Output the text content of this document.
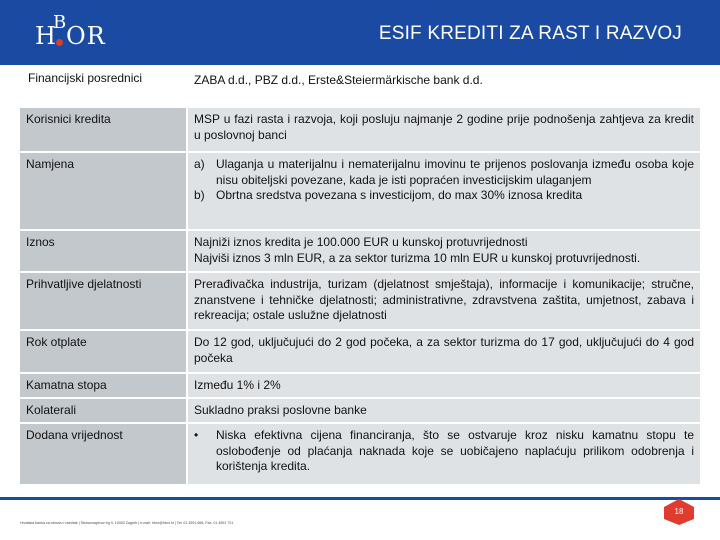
H
B OR	ESIF KREDITI ZA RAST I RAZVOJ
Financijski posrednici	ZABA d.d., PBZ d.d., Erste&Steiermärkische bank d.d.
Korisnici kredita	MSP u fazi rasta i razvoja, koji posluju najmanje 2 godine prije podnošenja zahtjeva za kredit u poslovnoj banci
Namjena	a) Ulaganja u materijalnu i nematerijalnu imovinu te prijenos poslovanja između osoba koje nisu obiteljski povezane, kada je isti popraćen investicijskim ulaganjem
b) Obrtna sredstva povezana s investicijom, do max 30% iznosa kredita
Iznos	Najniži iznos kredita je 100.000 EUR u kunskoj protuvrijednosti
Najviši iznos 3 mln EUR, a za sektor turizma 10 mln EUR u kunskoj protuvrijednosti.
Prihvatljive djelatnosti	Prerađivačka industrija, turizam (djelatnost smještaja), informacije i komunikacije; stručne, znanstvene i tehničke djelatnosti; administrativne, zdravstvena zaštita, umjetnost, zabava i rekreacija; ostale uslužne djelatnosti
Rok otplate	Do 12 god, uključujući do 2 god počeka, a za sektor turizma do 17 god, uključujući do 4 god počeka
Kamatna stopa	Između 1% i 2%
Kolaterali	Sukladno praksi poslovne banke
Dodana vrijednost	•	Niska efektivna cijena financiranja, što se ostvaruje kroz nisku kamatnu stopu te oslobođenje od plaćanja naknada koje se uobičajeno naplaćuju prilikom odobrenja i korištenja kredita.
18
Hrvatska banka za obnovu i razvitak | Strossmayerov trg 9, 10000 Zagreb | e-mail: hbor@hbor.hr | Tel: 01 4591 666, Fax: 01 4591 721
